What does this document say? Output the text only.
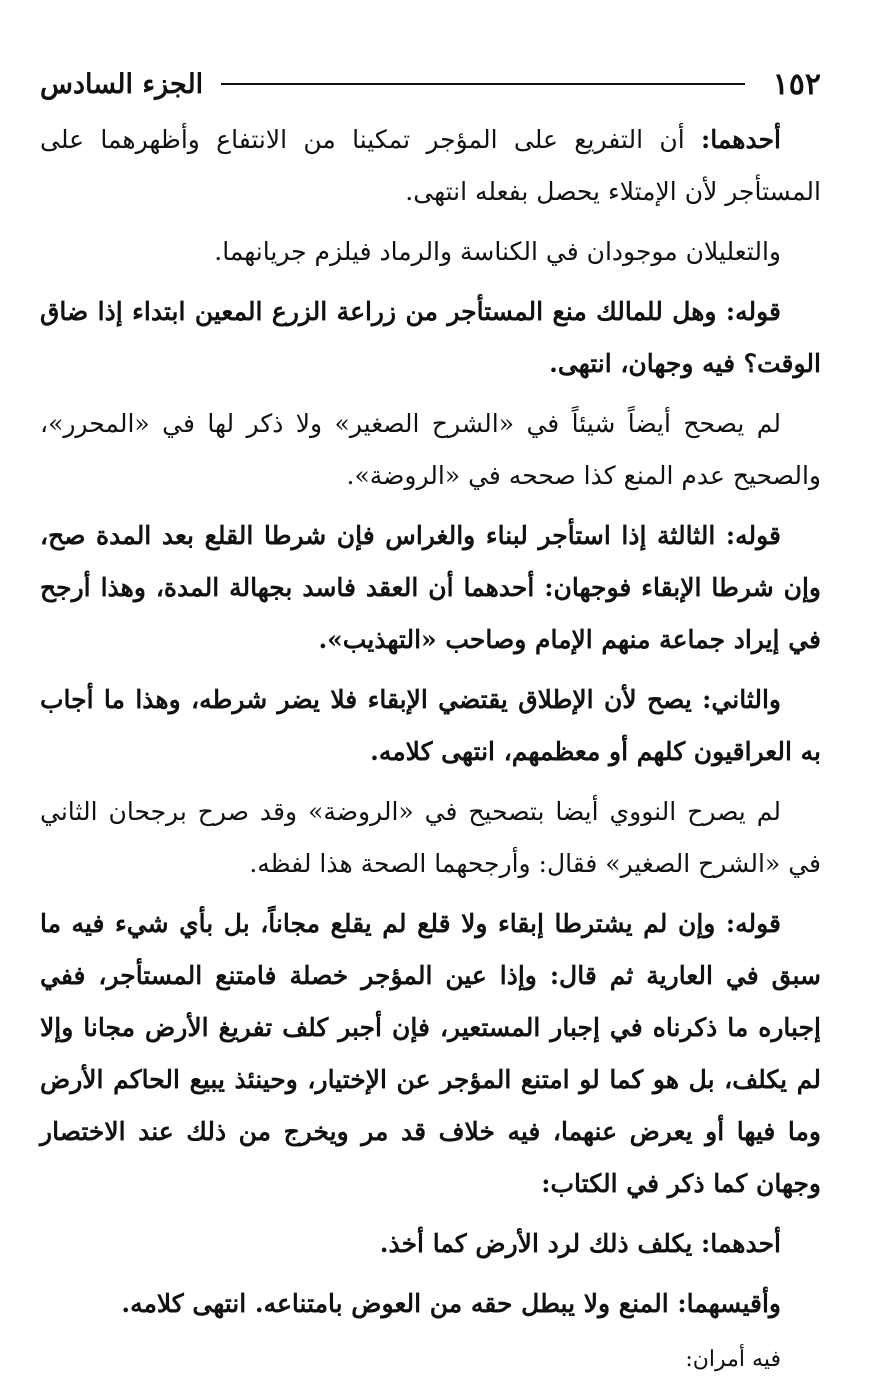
١٥٢
الجزء السادس

أحدهما: أن التفريع على المؤجر تمكينا من الانتفاع وأظهرهما على المستأجر لأن الإمتلاء يحصل بفعله انتهى.

والتعليلان موجودان في الكناسة والرماد فيلزم جريانهما.

قوله: وهل للمالك منع المستأجر من زراعة الزرع المعين ابتداء إذا ضاق الوقت؟ فيه وجهان، انتهى.

لم يصحح أيضاً شيئاً في «الشرح الصغير» ولا ذكر لها في «المحرر»، والصحيح عدم المنع كذا صححه في «الروضة».

قوله: الثالثة إذا استأجر لبناء والغراس فإن شرطا القلع بعد المدة صح، وإن شرطا الإبقاء فوجهان: أحدهما أن العقد فاسد بجهالة المدة، وهذا أرجح في إيراد جماعة منهم الإمام وصاحب «التهذيب».

والثاني: يصح لأن الإطلاق يقتضي الإبقاء فلا يضر شرطه، وهذا ما أجاب به العراقيون كلهم أو معظمهم، انتهى كلامه.

لم يصرح النووي أيضا بتصحيح في «الروضة» وقد صرح برجحان الثاني في «الشرح الصغير» فقال: وأرجحهما الصحة هذا لفظه.

قوله: وإن لم يشترطا إبقاء ولا قلع لم يقلع مجاناً، بل بأي شيء فيه ما سبق في العارية ثم قال: وإذا عين المؤجر خصلة فامتنع المستأجر، ففي إجباره ما ذكرناه في إجبار المستعير، فإن أجبر كلف تفريغ الأرض مجانا وإلا لم يكلف، بل هو كما لو امتنع المؤجر عن الإختيار، وحينئذ يبيع الحاكم الأرض وما فيها أو يعرض عنهما، فيه خلاف قد مر ويخرج من ذلك عند الاختصار وجهان كما ذكر في الكتاب:

أحدهما: يكلف ذلك لرد الأرض كما أخذ.

وأقيسهما: المنع ولا يبطل حقه من العوض بامتناعه. انتهى كلامه.

فيه أمران:
